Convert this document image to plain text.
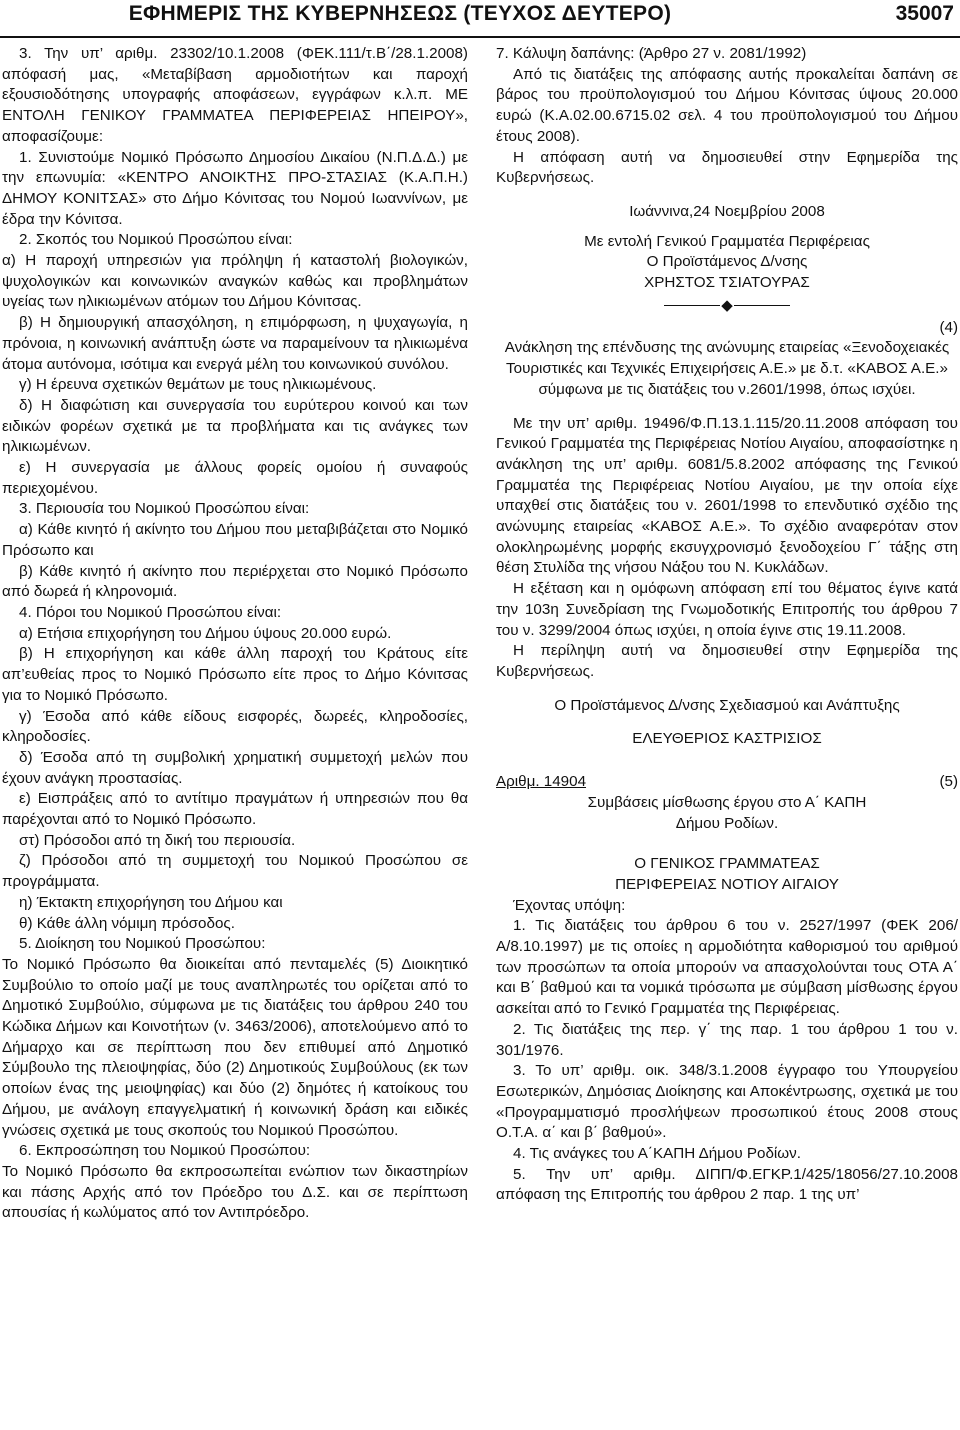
ΕΦΗΜΕΡΙΣ ΤΗΣ ΚΥΒΕΡΝΗΣΕΩΣ (ΤΕΥΧΟΣ ΔΕΥΤΕΡΟ)	35007

3. Την υπ’ αριθμ. 23302/10.1.2008 (ΦΕΚ.111/τ.Β΄/28.1.2008) απόφασή μας, «Μεταβίβαση αρμοδιοτήτων και παροχή εξουσιοδότησης υπογραφής αποφάσεων, εγγράφων κ.λ.π. ΜΕ ΕΝΤΟΛΗ ΓΕΝΙΚΟΥ ΓΡΑΜΜΑΤΕΑ ΠΕΡΙΦΕΡΕΙΑΣ ΗΠΕΙΡΟΥ», αποφασίζουμε:

1. Συνιστούμε Νομικό Πρόσωπο Δημοσίου Δικαίου (Ν.Π.Δ.Δ.) με την επωνυμία: «ΚΕΝΤΡΟ ΑΝΟΙΚΤΗΣ ΠΡΟ-ΣΤΑΣΙΑΣ (Κ.Α.Π.Η.) ΔΗΜΟΥ ΚΟΝΙΤΣΑΣ» στο Δήμο Κόνιτσας του Νομού Ιωαννίνων, με έδρα την Κόνιτσα.

2. Σκοπός του Νομικού Προσώπου είναι:

α) Η παροχή υπηρεσιών για πρόληψη ή καταστολή βιολογικών, ψυχολογικών και κοινωνικών αναγκών καθώς και προβλημάτων υγείας των ηλικιωμένων ατόμων του Δήμου Κόνιτσας.

β) Η δημιουργική απασχόληση, η επιμόρφωση, η ψυχαγωγία, η πρόνοια, η κοινωνική ανάπτυξη ώστε να παραμείνουν τα ηλικιωμένα άτομα αυτόνομα, ισότιμα και ενεργά μέλη του κοινωνικού συνόλου.

γ) Η έρευνα σχετικών θεμάτων με τους ηλικιωμένους.

δ) Η διαφώτιση και συνεργασία του ευρύτερου κοινού και των ειδικών φορέων σχετικά με τα προβλήματα και τις ανάγκες των ηλικιωμένων.

ε) Η συνεργασία με άλλους φορείς ομοίου ή συναφούς περιεχομένου.

3. Περιουσία του Νομικού Προσώπου είναι:

α) Κάθε κινητό ή ακίνητο του Δήμου που μεταβιβάζεται στο Νομικό Πρόσωπο και

β) Κάθε κινητό ή ακίνητο που περιέρχεται στο Νομικό Πρόσωπο από δωρεά ή κληρονομιά.

4. Πόροι του Νομικού Προσώπου είναι:

α) Ετήσια επιχορήγηση του Δήμου ύψους 20.000 ευρώ.

β) Η επιχορήγηση και κάθε άλλη παροχή του Κράτους είτε απ’ευθείας προς το Νομικό Πρόσωπο είτε προς το Δήμο Κόνιτσας για το Νομικό Πρόσωπο.

γ) Έσοδα από κάθε είδους εισφορές, δωρεές, κληροδοσίες, κληροδοσίες.

δ) Έσοδα από τη συμβολική χρηματική συμμετοχή μελών που έχουν ανάγκη προστασίας.

ε) Εισπράξεις από το αντίτιμο πραγμάτων ή υπηρεσιών που θα παρέχονται από το Νομικό Πρόσωπο.

στ) Πρόσοδοι από τη δική του περιουσία.

ζ) Πρόσοδοι από τη συμμετοχή του Νομικού Προσώπου σε προγράμματα.

η) Έκτακτη επιχορήγηση του Δήμου και

θ) Κάθε άλλη νόμιμη πρόσοδος.

5. Διοίκηση του Νομικού Προσώπου:

Το Νομικό Πρόσωπο θα διοικείται από πενταμελές (5) Διοικητικό Συμβούλιο το οποίο μαζί με τους αναπληρωτές του ορίζεται από το Δημοτικό Συμβούλιο, σύμφωνα με τις διατάξεις του άρθρου 240 του Κώδικα Δήμων και Κοινοτήτων (ν. 3463/2006), αποτελούμενο από το Δήμαρχο και σε περίπτωση που δεν επιθυμεί από Δημοτικό Σύμβουλο της πλειοψηφίας, δύο (2) Δημοτικούς Συμβούλους (εκ των οποίων ένας της μειοψηφίας) και δύο (2) δημότες ή κατοίκους του Δήμου, με ανάλογη επαγγελματική ή κοινωνική δράση και ειδικές γνώσεις σχετικά με τους σκοπούς του Νομικού Προσώπου.

6. Εκπροσώπηση του Νομικού Προσώπου:

Το Νομικό Πρόσωπο θα εκπροσωπείται ενώπιον των δικαστηρίων και πάσης Αρχής από τον Πρόεδρο του Δ.Σ. και σε περίπτωση απουσίας ή κωλύματος από τον Αντιπρόεδρο.

7. Κάλυψη δαπάνης: (Άρθρο 27 ν. 2081/1992)

Από τις διατάξεις της απόφασης αυτής προκαλείται δαπάνη σε βάρος του προϋπολογισμού του Δήμου Κόνιτσας ύψους 20.000 ευρώ (Κ.Α.02.00.6715.02 σελ. 4 του προϋπολογισμού του Δήμου έτους 2008).

Η απόφαση αυτή να δημοσιευθεί στην Εφημερίδα της Κυβερνήσεως.

Ιωάννινα,24 Νοεμβρίου 2008

Με εντολή Γενικού Γραμματέα Περιφέρειας

Ο Προϊστάμενος Δ/νσης

ΧΡΗΣΤΟΣ ΤΣΙΑΤΟΥΡΑΣ

◆

(4)

Ανάκληση της επένδυσης της ανώνυμης εταιρείας «Ξενοδοχειακές Τουριστικές και Τεχνικές Επιχειρήσεις Α.Ε.» με δ.τ. «ΚΑΒΟΣ Α.Ε.» σύμφωνα με τις διατάξεις του ν.2601/1998, όπως ισχύει.

Με την υπ’ αριθμ. 19496/Φ.Π.13.1.115/20.11.2008 απόφαση του Γενικού Γραμματέα της Περιφέρειας Νοτίου Αιγαίου, αποφασίστηκε η ανάκληση της υπ’ αριθμ. 6081/5.8.2002 απόφασης της Γενικού Γραμματέα της Περιφέρειας Νοτίου Αιγαίου, με την οποία είχε υπαχθεί στις διατάξεις του ν. 2601/1998 το επενδυτικό σχέδιο της ανώνυμης εταιρείας «ΚΑΒΟΣ Α.Ε.». Το σχέδιο αναφερόταν στον ολοκληρωμένης μορφής εκσυγχρονισμό ξενοδοχείου Γ΄ τάξης στη θέση Στυλίδα της νήσου Νάξου του Ν. Κυκλάδων.

Η εξέταση και η ομόφωνη απόφαση επί του θέματος έγινε κατά την 103η Συνεδρίαση της Γνωμοδοτικής Επιτροπής του άρθρου 7 του ν. 3299/2004 όπως ισχύει, η οποία έγινε στις 19.11.2008.

Η περίληψη αυτή να δημοσιευθεί στην Εφημερίδα της Κυβερνήσεως.

Ο Προϊστάμενος Δ/νσης Σχεδιασμού και Ανάπτυξης

ΕΛΕΥΘΕΡΙΟΣ ΚΑΣΤΡΙΣΙΟΣ

Αριθμ. 14904	(5)

Συμβάσεις μίσθωσης έργου στο Α΄ ΚΑΠΗ

Δήμου Ροδίων.

Ο ΓΕΝΙΚΟΣ ΓΡΑΜΜΑΤΕΑΣ

ΠΕΡΙΦΕΡΕΙΑΣ ΝΟΤΙΟΥ ΑΙΓΑΙΟΥ

Έχοντας υπόψη:

1. Τις διατάξεις του άρθρου 6 του ν. 2527/1997 (ΦΕΚ 206/Α/8.10.1997) με τις οποίες η αρμοδιότητα καθορισμού του αριθμού των προσώπων τα οποία μπορούν να απασχολούνται τους ΟΤΑ Α΄ και Β΄ βαθμού και τα νομικά τιρόσωπα με σύμβαση μίσθωσης έργου ασκείται από το Γενικό Γραμματέα της Περιφέρειας.

2. Τις διατάξεις της περ. γ΄ της παρ. 1 του άρθρου 1 του ν. 301/1976.

3. Το υπ’ αριθμ. οικ. 348/3.1.2008 έγγραφο του Υπουργείου Εσωτερικών, Δημόσιας Διοίκησης και Αποκέντρωσης, σχετικά με του «Προγραμματισμό προσλήψεων προσωπικού έτους 2008 στους Ο.Τ.Α. α΄ και β΄ βαθμού».

4. Τις ανάγκες του Α΄ΚΑΠΗ Δήμου Ροδίων.

5. Την υπ’ αριθμ. ΔΙΠΠ/Φ.ΕΓΚΡ.1/425/18056/27.10.2008 απόφαση της Επιτροπής του άρθρου 2 παρ. 1 της υπ’
